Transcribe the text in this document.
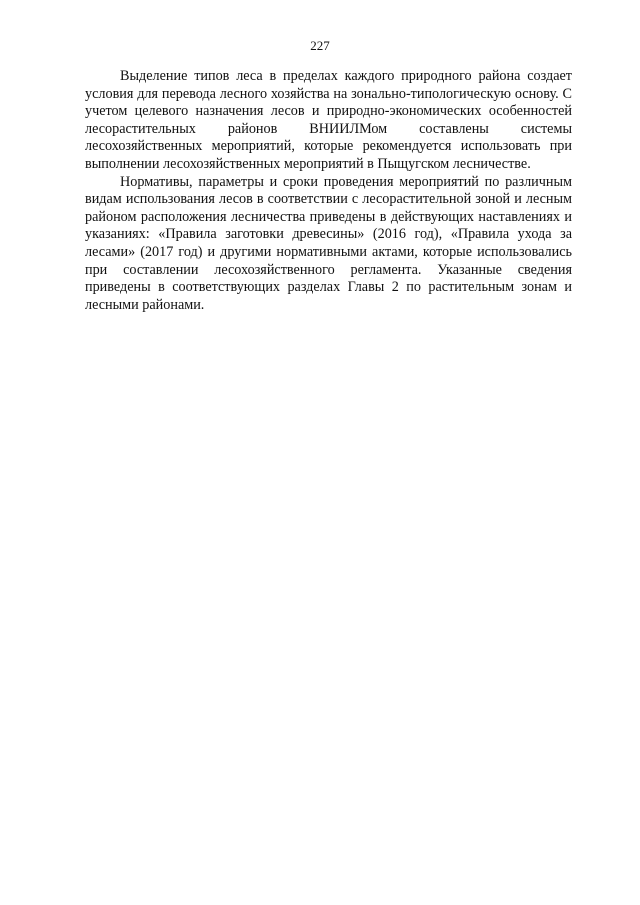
227

Выделение типов леса в пределах каждого природного района создает условия для перевода лесного хозяйства на зонально-типологическую основу. С учетом целевого назначения лесов и природно-экономических особенностей лесорастительных районов ВНИИЛМом составлены системы лесохозяйственных мероприятий, которые рекомендуется использовать при выполнении лесохозяйственных мероприятий в Пыщугском лесничестве.

Нормативы, параметры и сроки проведения мероприятий по различным видам использования лесов в соответствии с лесорастительной зоной и лесным районом расположения лесничества приведены в действующих наставлениях и указаниях: «Правила заготовки древесины» (2016 год), «Правила ухода за лесами» (2017 год) и другими нормативными актами, которые использовались при составлении лесохозяйственного регламента. Указанные сведения приведены в соответствующих разделах Главы 2 по растительным зонам и лесными районами.
